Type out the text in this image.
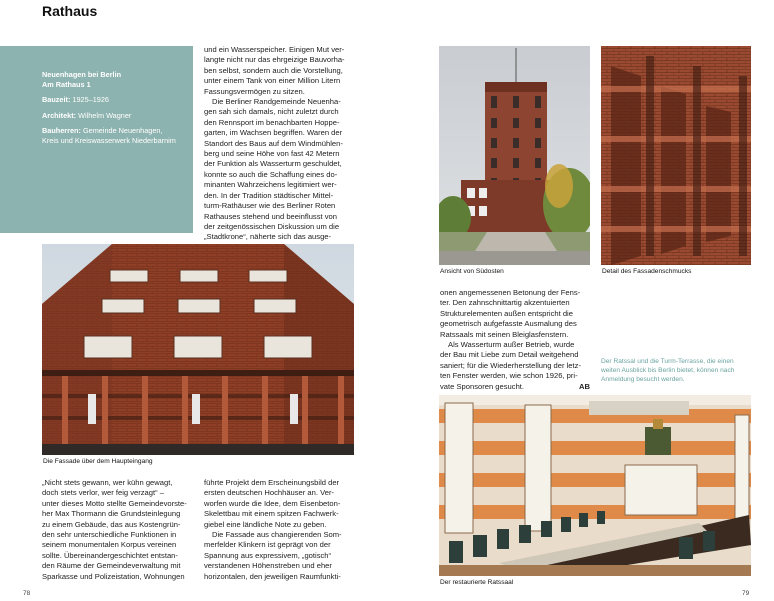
Rathaus
Neuenhagen bei Berlin
Am Rathaus 1
Bauzeit: 1925–1926
Architekt: Wilhelm Wagner
Bauherren: Gemeinde Neuenhagen,
Kreis und Kreiswasserwerk Niederbarnim
und ein Wasserspeicher. Einigen Mut ver-
langte nicht nur das ehrgeizige Bauvorha-
ben selbst, sondern auch die Vorstellung,
unter einem Tank von einer Million Litern
Fassungsvermögen zu sitzen.
Die Berliner Randgemeinde Neuenha-
gen sah sich damals, nicht zuletzt durch
den Rennsport im benachbarten Hoppe-
garten, im Wachsen begriffen. Waren der
Standort des Baus auf dem Windmühlen-
berg und seine Höhe von fast 42 Metern
der Funktion als Wasserturm geschuldet,
konnte so auch die Schaffung eines do-
minanten Wahrzeichens legitimiert wer-
den. In der Tradition städtischer Mittel-
turm-Rathäuser wie des Berliner Roten
Rathauses stehend und beeinflusst von
der zeitgenössischen Diskussion um die
„Stadtkrone“, näherte sich das ausge-
Die Fassade über dem Haupteingang
„Nicht stets gewann, wer kühn gewagt,
doch stets verlor, wer feig verzagt“ –
unter dieses Motto stellte Gemeindevorste-
her Max Thormann die Grundsteinlegung
zu einem Gebäude, das aus Kostengrün-
den sehr unterschiedliche Funktionen in
seinem monumentalen Korpus vereinen
sollte. Übereinandergeschichtet entstan-
den Räume der Gemeindeverwaltung mit
Sparkasse und Polizeistation, Wohnungen
führte Projekt dem Erscheinungsbild der
ersten deutschen Hochhäuser an. Ver-
worfen wurde die Idee, dem Eisenbeton-
Skelettbau mit einem spitzen Fachwerk-
giebel eine ländliche Note zu geben.
Die Fassade aus changierenden Som-
merfelder Klinkern ist geprägt von der
Spannung aus expressivem, „gotisch“
verstandenen Höhenstreben und eher
horizontalen, den jeweiligen Raumfunkti-
78
Ansicht von Südosten	Detail des Fassadenschmucks
onen angemessenen Betonung der Fens-
ter. Den zahnschnittartig akzentuierten
Strukturelementen außen entspricht die
geometrisch aufgefasste Ausmalung des
Ratssaals mit seinen Bleiglasfenstern.
Als Wasserturm außer Betrieb, wurde
der Bau mit Liebe zum Detail weitgehend
saniert; für die Wiederherstellung der letz-
ten Fenster werden, wie schon 1926, pri-
vate Sponsoren gesucht.	AB
Der Ratssal und die Turm-Terrasse, die einen
weiten Ausblick bis Berlin bietet, können nach
Anmeldung besucht werden.
Der restaurierte Ratssaal
79
